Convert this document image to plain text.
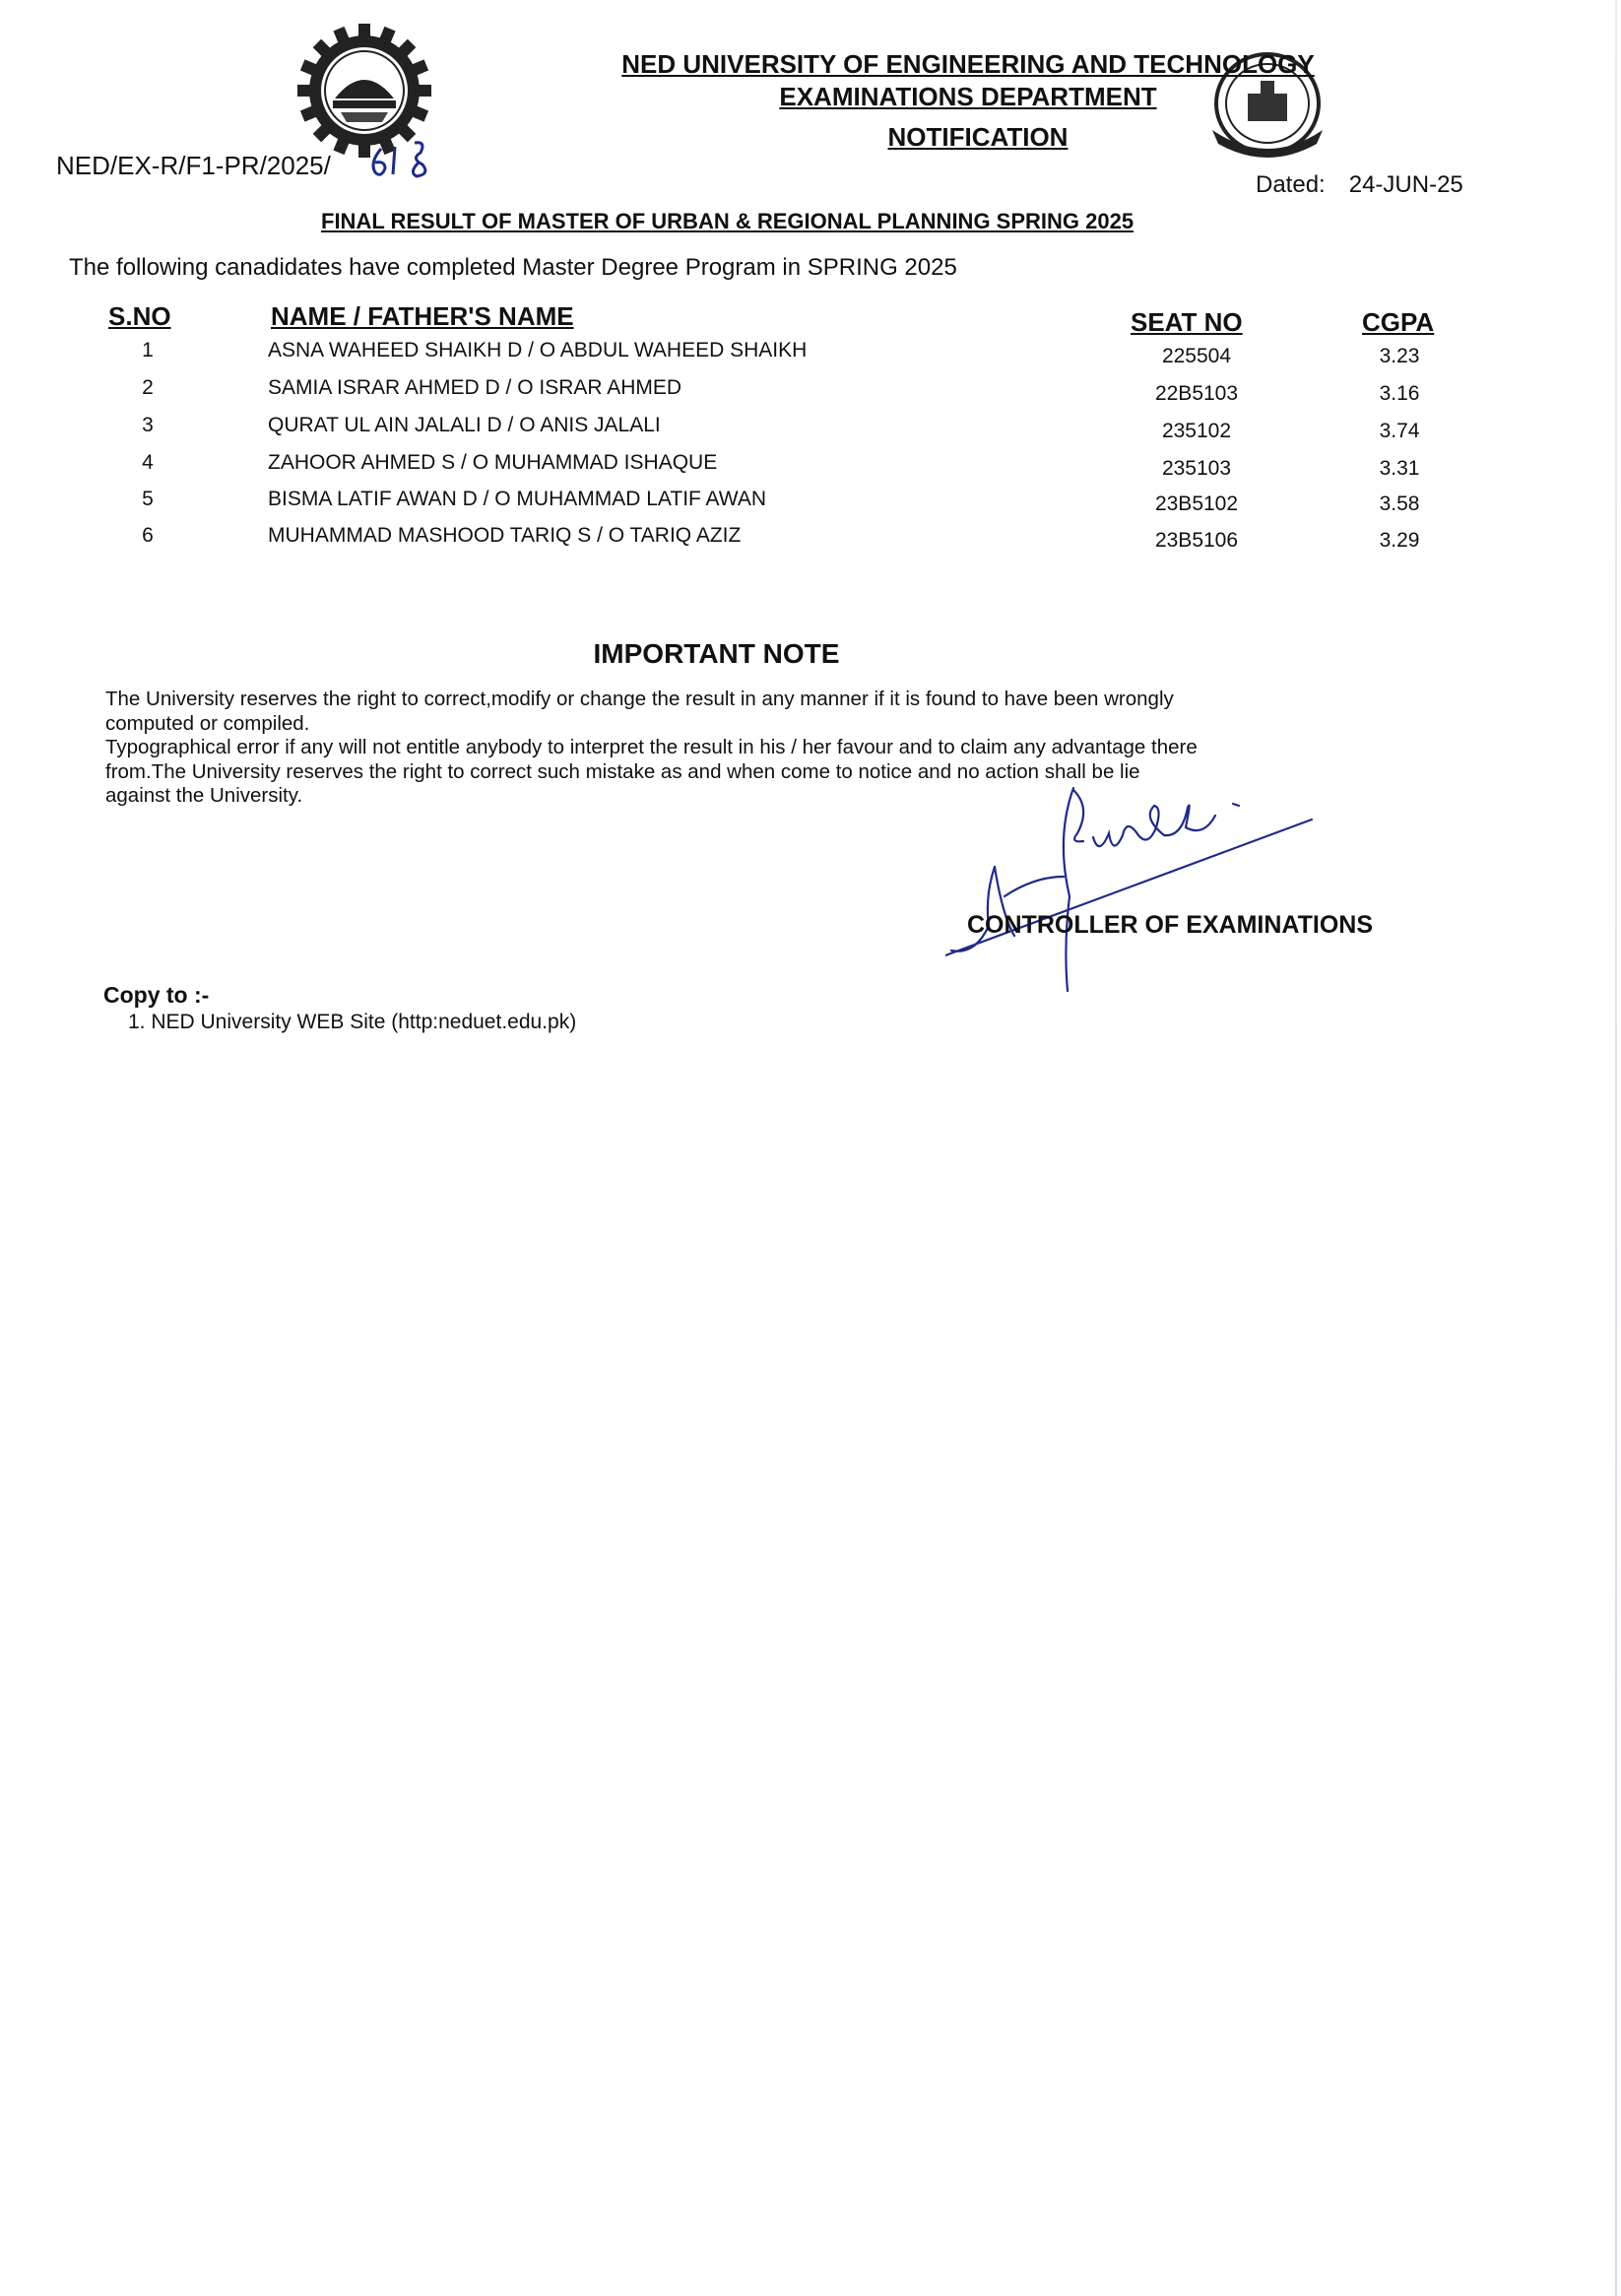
NED UNIVERSITY OF ENGINEERING AND TECHNOLOGY
EXAMINATIONS DEPARTMENT
NOTIFICATION
NED/EX-R/F1-PR/2025/
Dated: 24-JUN-25
FINAL RESULT OF MASTER OF URBAN & REGIONAL PLANNING SPRING 2025
The following canadidates have completed Master Degree Program in SPRING 2025
S.NO	NAME / FATHER'S NAME	SEAT NO	CGPA
1	ASNA WAHEED SHAIKH D / O ABDUL WAHEED SHAIKH	225504	3.23
2	SAMIA ISRAR AHMED D / O ISRAR AHMED	22B5103	3.16
3	QURAT UL AIN JALALI D / O ANIS JALALI	235102	3.74
4	ZAHOOR AHMED S / O MUHAMMAD ISHAQUE	235103	3.31
5	BISMA LATIF AWAN D / O MUHAMMAD LATIF AWAN	23B5102	3.58
6	MUHAMMAD MASHOOD TARIQ S / O TARIQ AZIZ	23B5106	3.29
IMPORTANT NOTE

The University reserves the right to correct,modify or change the result in any manner if it is found to have been wrongly

computed or compiled.

Typographical error if any will not entitle anybody to interpret the result in his / her favour and to claim any advantage there

from.The University reserves the right to correct such mistake as and when come to notice and no action shall be lie

against the University.

CONTROLLER OF EXAMINATIONS
Copy to :-
1. NED University WEB Site (http:neduet.edu.pk)
